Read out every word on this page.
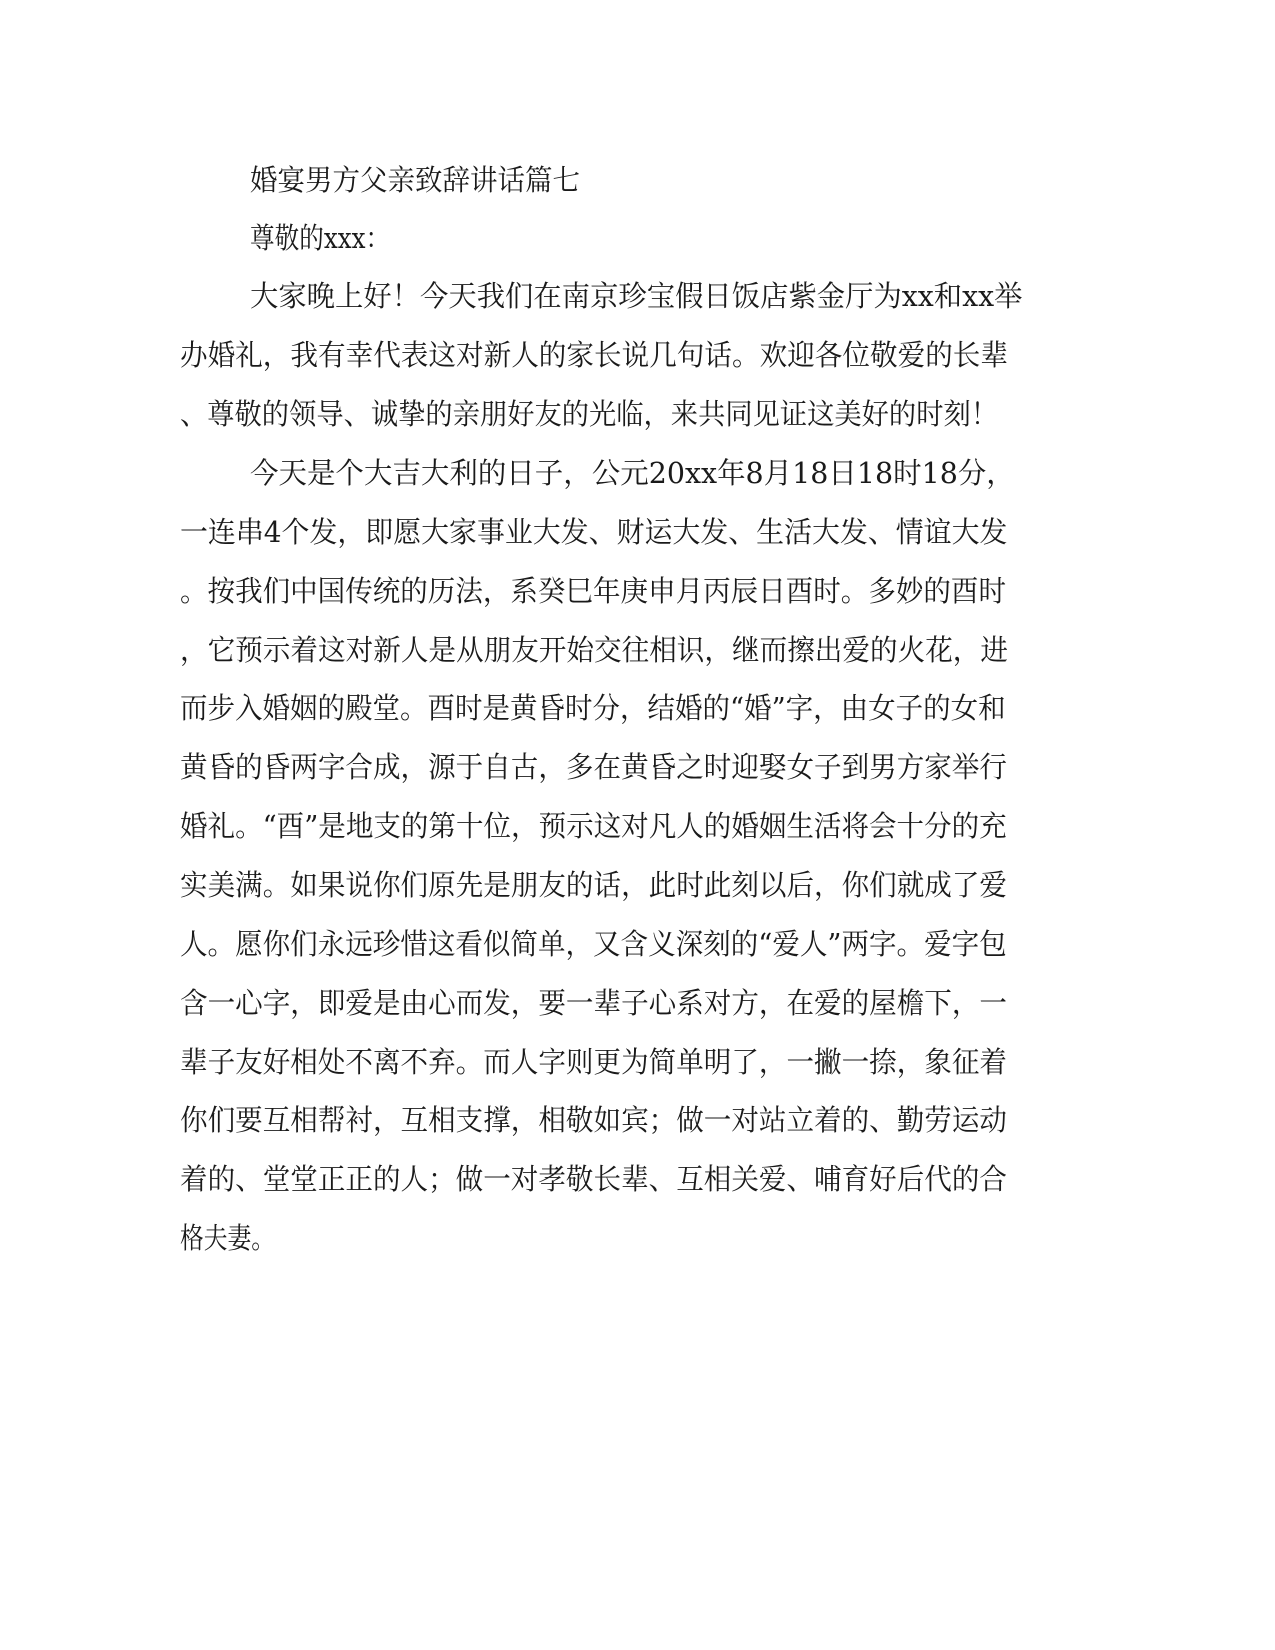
婚宴男方父亲致辞讲话篇七
尊敬的xxx：
大家晚上好！今天我们在南京珍宝假日饭店紫金厅为xx和xx举
办婚礼，我有幸代表这对新人的家长说几句话。欢迎各位敬爱的长辈
、尊敬的领导、诚挚的亲朋好友的光临，来共同见证这美好的时刻！
今天是个大吉大利的日子，公元20xx年8月18日18时18分，
一连串4个发，即愿大家事业大发、财运大发、生活大发、情谊大发
。按我们中国传统的历法，系癸巳年庚申月丙辰日酉时。多妙的酉时
，它预示着这对新人是从朋友开始交往相识，继而擦出爱的火花，进
而步入婚姻的殿堂。酉时是黄昏时分，结婚的“婚”字，由女子的女和
黄昏的昏两字合成，源于自古，多在黄昏之时迎娶女子到男方家举行
婚礼。“酉”是地支的第十位，预示这对凡人的婚姻生活将会十分的充
实美满。如果说你们原先是朋友的话，此时此刻以后，你们就成了爱
人。愿你们永远珍惜这看似简单，又含义深刻的“爱人”两字。爱字包
含一心字，即爱是由心而发，要一辈子心系对方，在爱的屋檐下，一
辈子友好相处不离不弃。而人字则更为简单明了，一撇一捺，象征着
你们要互相帮衬，互相支撑，相敬如宾；做一对站立着的、勤劳运动
着的、堂堂正正的人；做一对孝敬长辈、互相关爱、哺育好后代的合
格夫妻。
